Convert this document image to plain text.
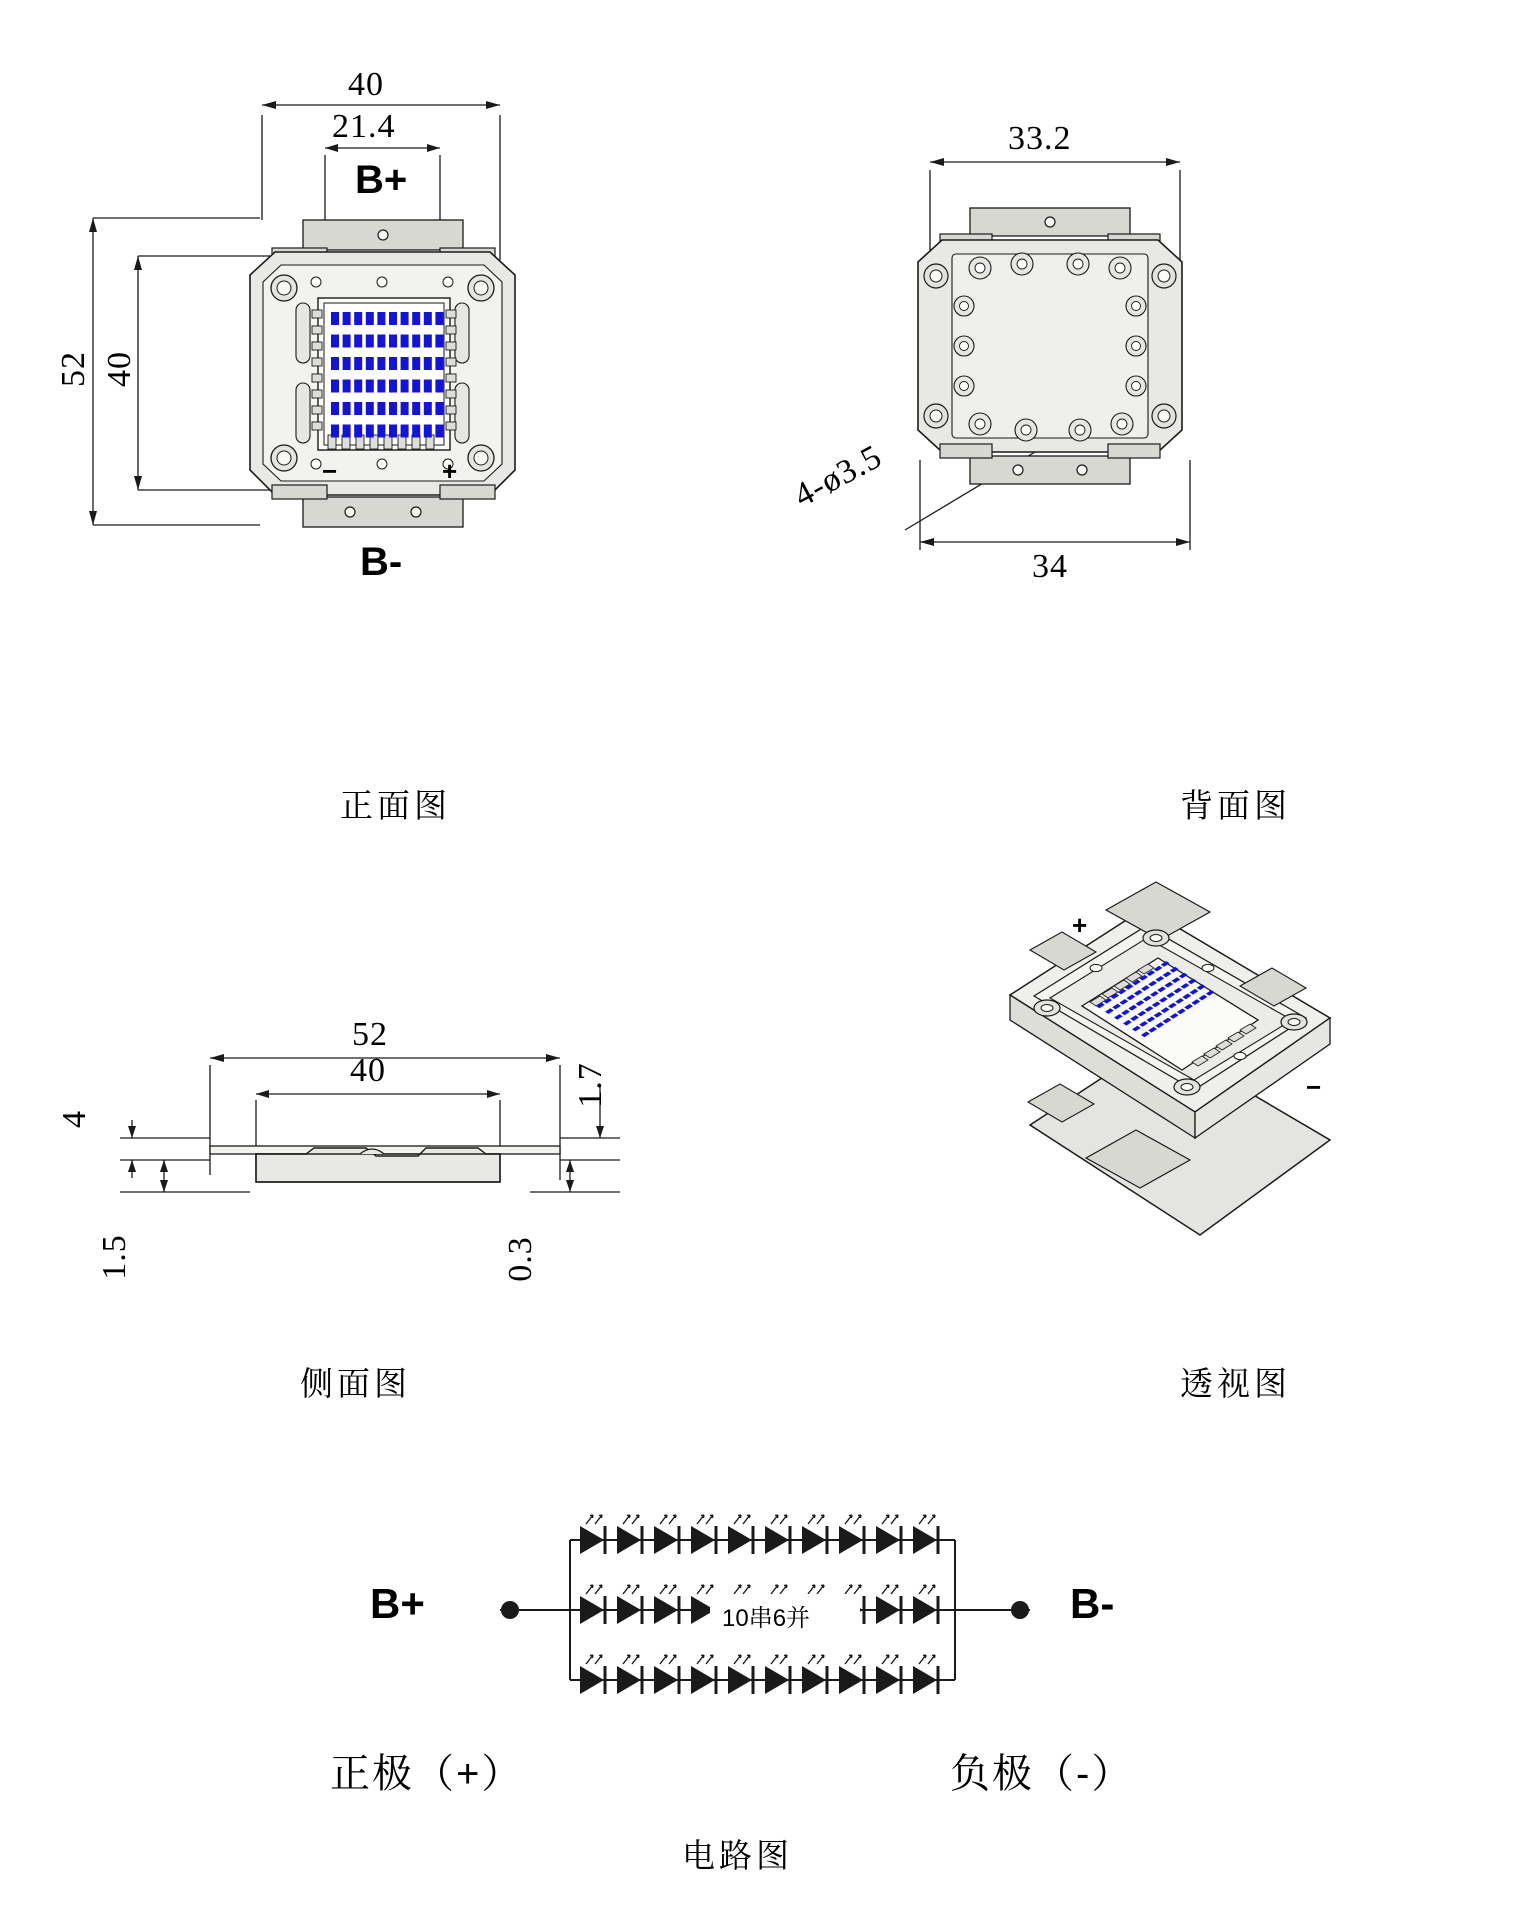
40
21.4
52 40
B+
B-
−	+
正面图
33.2
34
4-ø3.5
背面图
52
40
4
1.5
1.7
0.3
侧面图
+
−
透视图
B+	B-
10串6并
正极（+）	负极（-）
电路图
